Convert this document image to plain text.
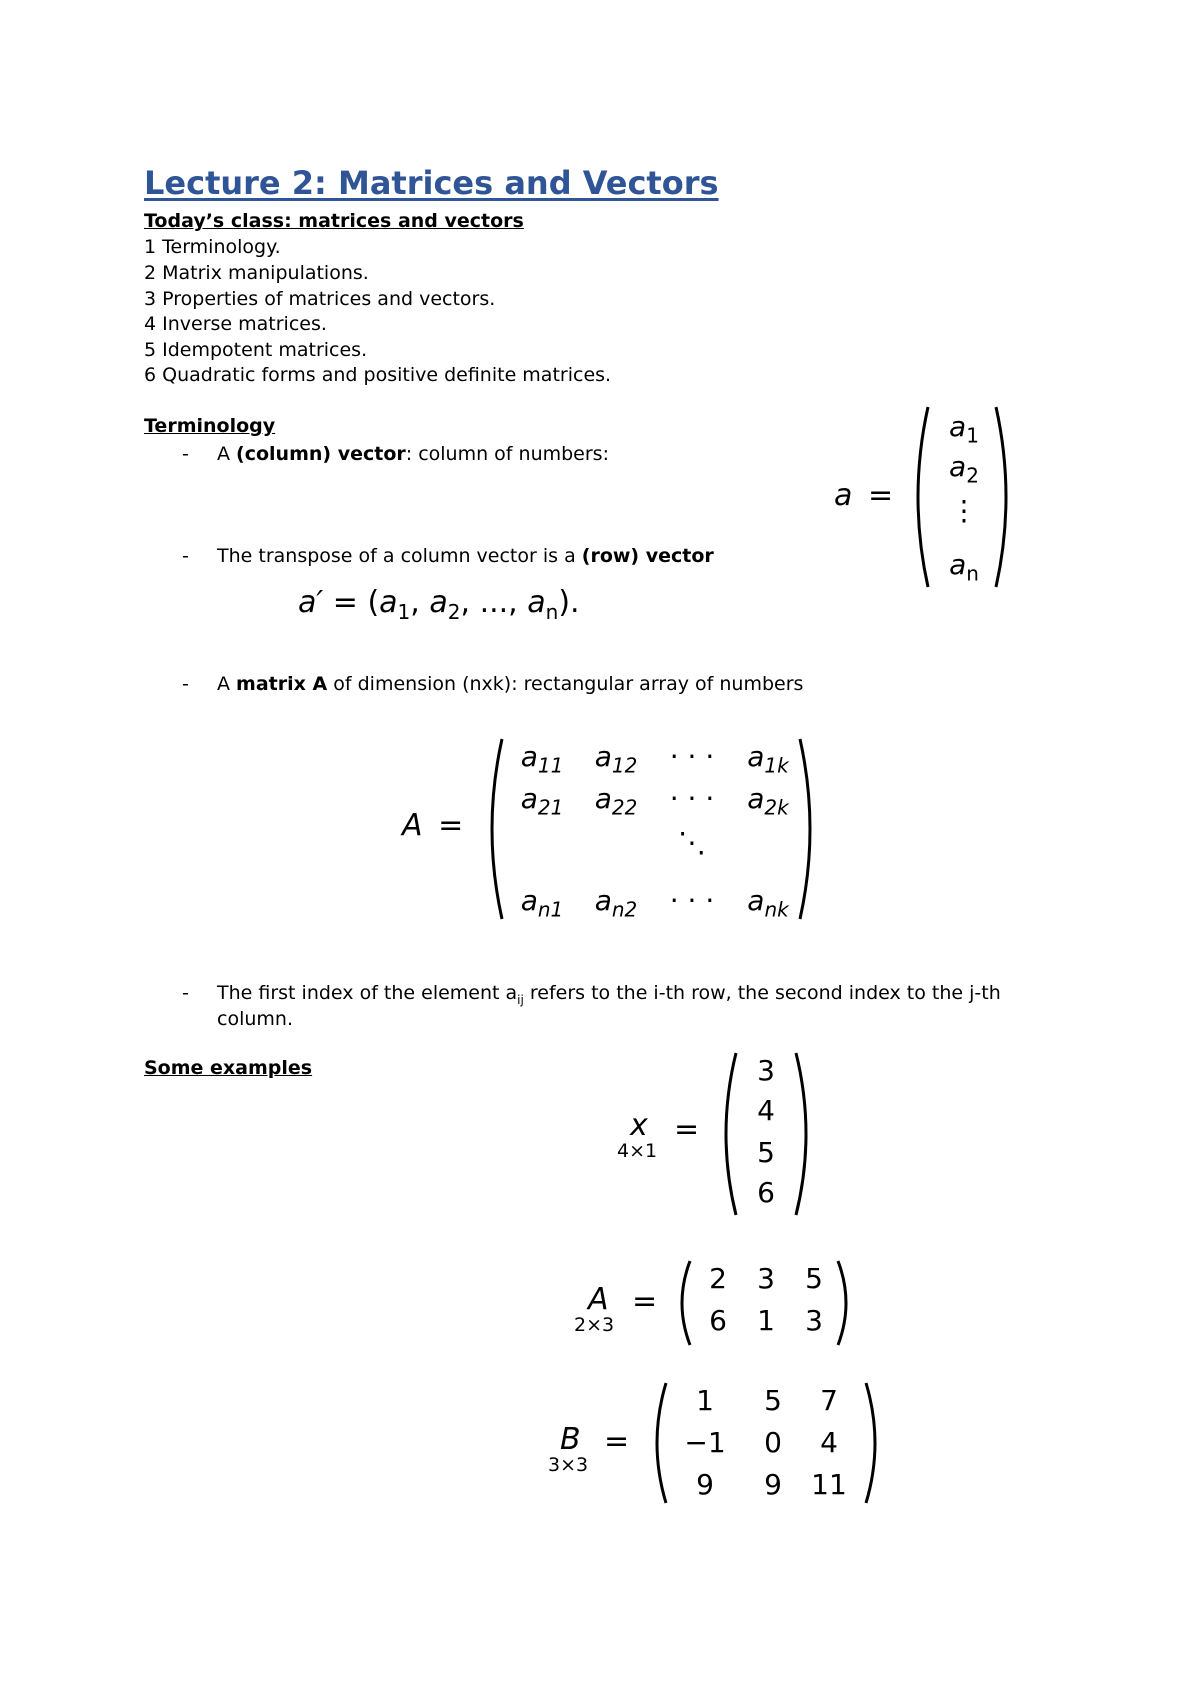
Lecture 2: Matrices and Vectors
Today’s class: matrices and vectors
1 Terminology.
2 Matrix manipulations.
3 Properties of matrices and vectors.
4 Inverse matrices.
5 Idempotent matrices.
6 Quadratic forms and positive definite matrices.
Terminology
- A (column) vector: column of numbers:
a =
$a_1$
$a_2$
⋮
$a_n$
- The transpose of a column vector is a (row) vector
$a' = (a_1$, $a_2$, ..., $a_n$).
- A matrix A of dimension (nxk): rectangular array of numbers
A =
$a_{11}$	$a_{12}$	· · ·	$a_{1k}$
$a_{21}$	$a_{22}$	· · ·	$a_{2k}$
⋱
$a_{n1}$	$a_{n2}$	· · ·	$a_{nk}$
- The first index of the element $a_{ij}$ refers to the i-th row, the second index to the j-th
column.
Some examples
x
4×1
=
3
4
5
6
A
2×3
=
2	3	5
6	1	3
B
3×3
=
1	5	7
−1	0	4
9	9	11
